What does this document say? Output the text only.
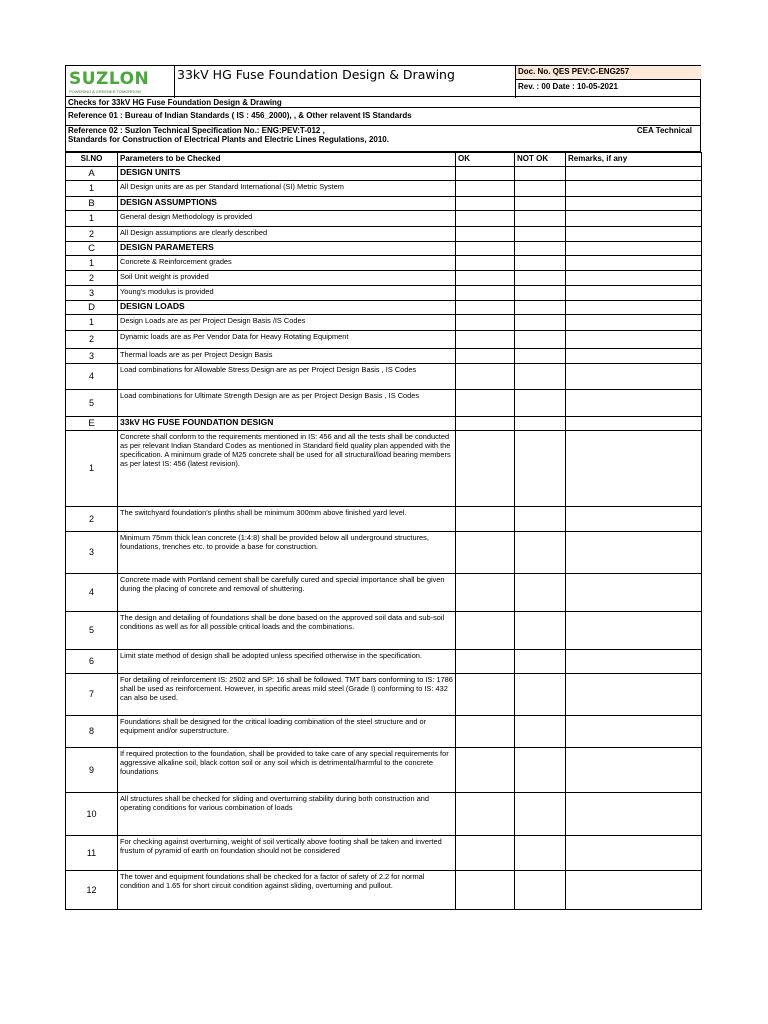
SUZLON
POWERING A GREENER TOMORROW
33kV HG Fuse Foundation Design & Drawing	Doc. No. QES PEV:C-ENG257
Rev. : 00 Date : 10-05-2021
Checks for 33kV HG Fuse Foundation Design & Drawing
Reference 01 : Bureau of Indian Standards ( IS : 456_2000), , & Other relavent IS Standards
Reference 02 : Suzlon Technical Specification No.: ENG:PEV:T-012 ,	CEA Technical
Standards for Construction of Electrical Plants and Electric Lines Regulations, 2010.
Sl.NO	Parameters to be Checked	OK	NOT OK	Remarks, if any
A	DESIGN UNITS			
1	All Design units are as per Standard International (SI) Metric System			
B	DESIGN ASSUMPTIONS			
1	General design Methodology is provided			
2	All Design assumptions are clearly described			
C	DESIGN PARAMETERS			
1	Concrete & Reinforcement grades			
2	Soil Unit weight is provided			
3	Young's modulus is provided			
D	DESIGN LOADS			
1	Design Loads are as per Project Design Basis /IS Codes			
2	Dynamic loads are as Per Vendor Data for Heavy Rotating Equipment			
3	Thermal loads are as per Project Design Basis			
4	Load combinations for Allowable Stress Design are as per Project Design Basis , IS Codes			
5	Load combinations for Ultimate Strength Design are as per Project Design Basis , IS Codes			
E	33kV HG FUSE FOUNDATION DESIGN			
1	Concrete shall conform to the requirements mentioned in IS: 456 and all the tests shall be conducted as per relevant Indian Standard Codes as mentioned in Standard field quality plan appended with the specification. A minimum grade of M25 concrete shall be used for all structural/load bearing members as per latest IS: 456 (latest revision).			
2	The switchyard foundation's plinths shall be minimum 300mm above finished yard level.			
3	Minimum 75mm thick lean concrete (1:4:8) shall be provided below all underground structures, foundations, trenches etc. to provide a base for construction.			
4	Concrete made with Portland cement shall be carefully cured and special importance shall be given during the placing of concrete and removal of shuttering.			
5	The design and detailing of foundations shall be done based on the approved soil data and sub-soil conditions as well as for all possible critical loads and the combinations.			
6	Limit state method of design shall be adopted unless specified otherwise in the specification.			
7	For detailing of reinforcement IS: 2502 and SP: 16 shall be followed. TMT bars conforming to IS: 1786 shall be used as reinforcement. However, in specific areas mild steel (Grade I) conforming to IS: 432 can also be used.			
8	Foundations shall be designed for the critical loading combination of the steel structure and or equipment and/or superstructure.			
9	If required protection to the foundation, shall be provided to take care of any special requirements for aggressive alkaline soil, black cotton soil or any soil which is detrimental/harmful to the concrete foundations			
10	All structures shall be checked for sliding and overturning stability during both construction and operating conditions for various combination of loads			
11	For checking against overturning, weight of soil vertically above footing shall be taken and inverted frustum of pyramid of earth on foundation should not be considered			
12	The tower and equipment foundations shall be checked for a factor of safety of 2.2 for normal condition and 1.65 for short circuit condition against sliding, overturning and pullout.			
